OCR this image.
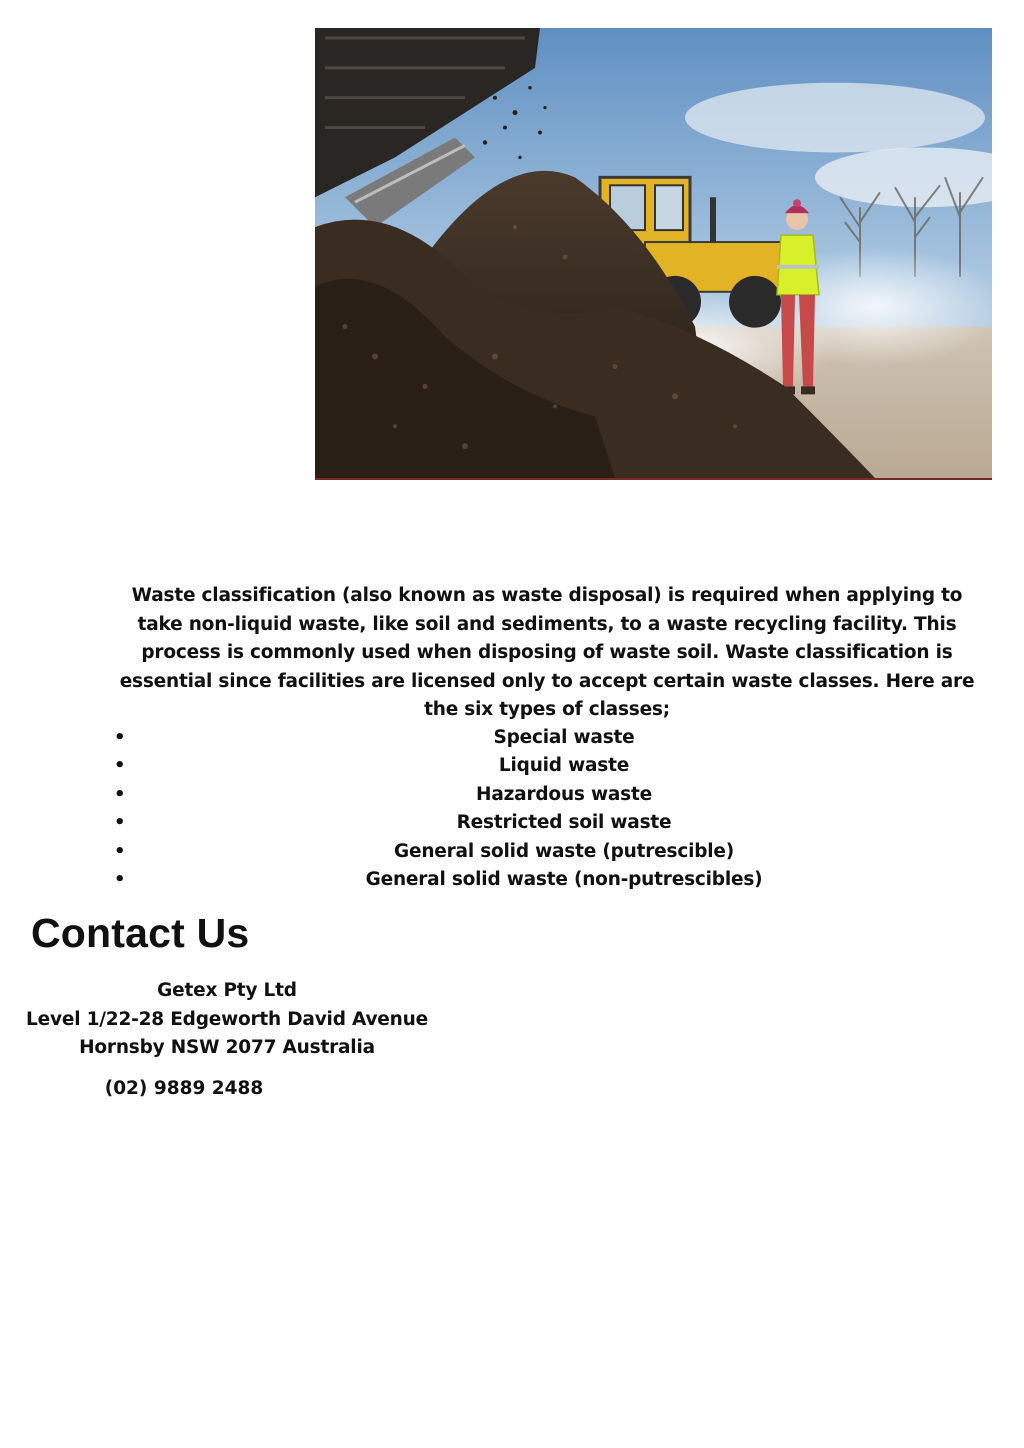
Waste classification (also known as waste disposal) is required when applying to take non-liquid waste, like soil and sediments, to a waste recycling facility. This process is commonly used when disposing of waste soil. Waste classification is essential since facilities are licensed only to accept certain waste classes. Here are the six types of classes;

•	Special waste
•	Liquid waste
•	Hazardous waste
•	Restricted soil waste
•	General solid waste (putrescible)
•	General solid waste (non-putrescibles)
Contact Us
Getex Pty Ltd
Level 1/22-28 Edgeworth David Avenue
Hornsby NSW 2077 Australia
(02) 9889 2488
